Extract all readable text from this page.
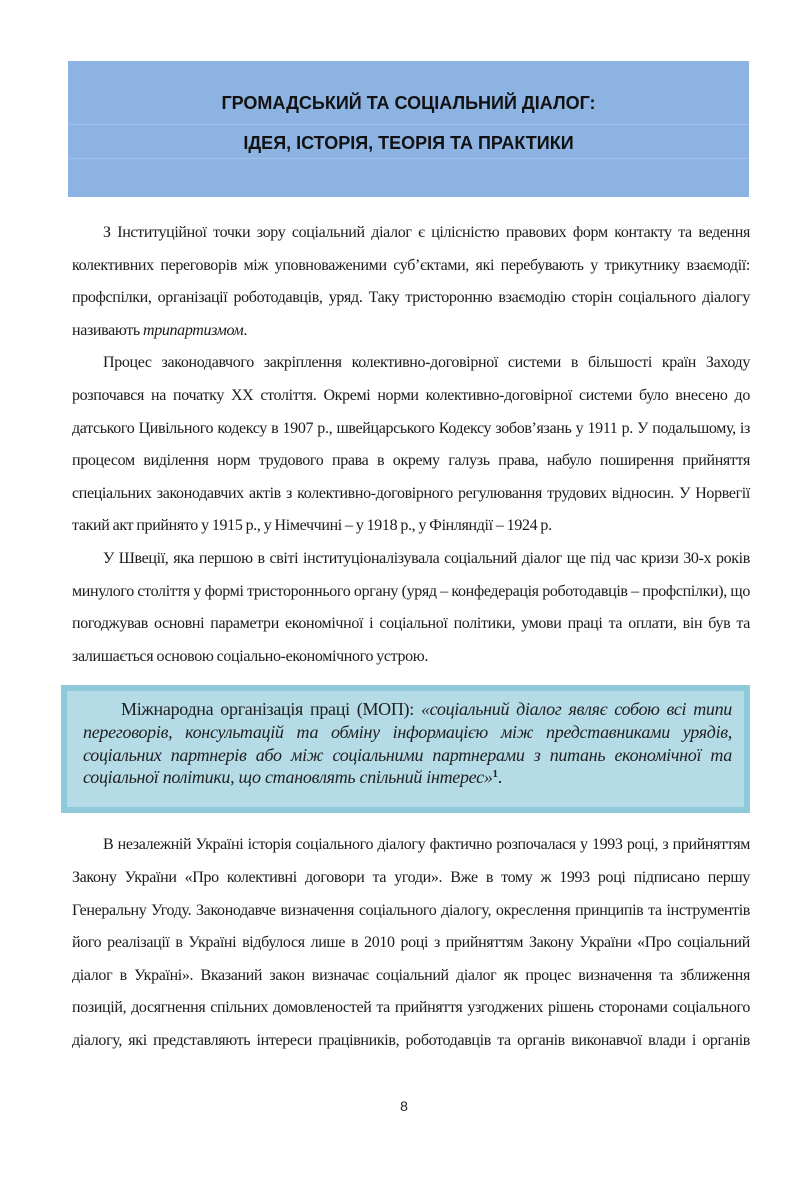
ГРОМАДСЬКИЙ ТА СОЦІАЛЬНИЙ ДІАЛОГ:
ІДЕЯ, ІСТОРІЯ, ТЕОРІЯ ТА ПРАКТИКИ

З Інституційної точки зору соціальний діалог є цілісністю правових форм контакту та ведення колективних переговорів між уповноваженими суб’єктами, які перебувають у трикутнику взаємодії: профспілки, організації роботодавців, уряд. Таку тристоронню взаємодію сторін соціального діалогу називають трипартизмом.

Процес законодавчого закріплення колективно-договірної системи в більшості країн Заходу розпочався на початку XX століття. Окремі норми колективно-договірної системи було внесено до датського Цивільного кодексу в 1907 р., швейцарського Кодексу зобов’язань у 1911 р. У подальшому, із процесом виділення норм трудового права в окрему галузь права, набуло поширення прийняття спеціальних законодавчих актів з колективно-договірного регулювання трудових відносин. У Норвегії такий акт прийнято у 1915 р., у Німеччині – у 1918 р., у Фінляндії – 1924 р.

У Швеції, яка першою в світі інституціоналізувала соціальний діалог ще під час кризи 30-х років минулого століття у формі тристороннього органу (уряд – конфедерація роботодавців – профспілки), що погоджував основні параметри економічної і соціальної політики, умови праці та оплати, він був та залишається основою соціально-економічного устрою.

Міжнародна організація праці (МОП): «соціальний діалог являє собою всі типи переговорів, консультацій та обміну інформацією між представниками урядів, соціальних партнерів або між соціальними партнерами з питань економічної та соціальної політики, що становлять спільний інтерес»$^1$.

В незалежній Україні історія соціального діалогу фактично розпочалася у 1993 році, з прийняттям Закону України «Про колективні договори та угоди». Вже в тому ж 1993 році підписано першу Генеральну Угоду. Законодавче визначення соціального діалогу, окреслення принципів та інструментів його реалізації в Україні відбулося лише в 2010 році з прийняттям Закону України «Про соціальний діалог в Україні». Вказаний закон визначає соціальний діалог як процес визначення та зближення позицій, досягнення спільних домовленостей та прийняття узгоджених рішень сторонами соціального діалогу, які представляють інтереси працівників, роботодавців та органів виконавчої влади і органів

8
